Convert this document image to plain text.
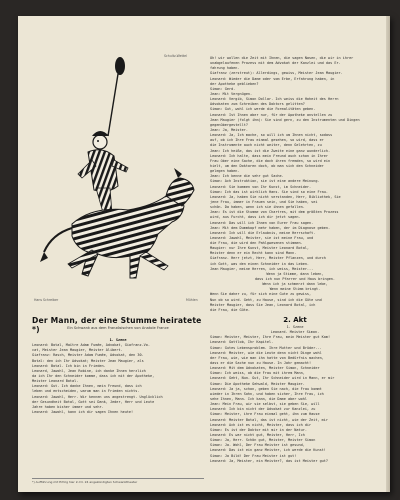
Schultz-Wettel
Hans Schreiber	Mühlen
Der Mann, der eine Stumme heiratete *)	Ein Schwank aus dem Französischen von Anatole France
1. Szene
Leonard: Botal, Maître Adam Fumée, Advokat, Giafranz-Vo-
cat, Meister Jean Maugier, Meister Alibert.
Giafranz: Rasch, Meister Adam Fumée, Advokat, den 30.
Botal: den ich Ihr Advokat; Meister Jean Maugier, als
Leonard: Botal. Ich bin in Frieden.
Leonard, Jawohl, Jean Robine, ich danke Ihnen herzlich
da ich Ihr den Schneider komme, dass ich mit der Apotheke,
Meister Leonard Botal.
Leonard: Gut. Ich danke Ihnen, mein Freund, dass ich
leben und entscheiden, warum man in Frieden nichts.
Leonard: Jawohl, Herr. Wir kennen uns angestrengt. Unglücklich
der Gesundheit Botal, Gott sei Dank, Jeder, Herr und Leute
Jahre haben bisher immer und sehr.
Leonard: Jawohl, kann ich dir sagen Ihnen heute!
*) Aufführung mit Erfolg hier in Dr. 24 angekündigten Schwanktheater
Oh! wir wollen die Zeit mit Ihnen, die sagen Nasen, die wir in ihrer
unabgelaufenen Prozess mit dem Advokat der Kanzlei und das Er-
fahrung haben.
Giafranz (zerstreut): Allerdings, gewiss, Meister Jean Maugier.
Leonard: Wieder die Dame oder vom Erbe, Erfahrung haben, in
der Apotheke geblieben?
Simon: Gerd.
Jean: Mit Vergnügen.
Leonard: Vergib, Simon Dollar. Ich weiss die Hoheit des Herrn
Advokaten zum Schreiben des Doktors gelitten?
Simon: Gut, wohl ich werde die Formalitäten geben.
Leonard: Ist Ihnen aber nur, für der Apotheke anstellen zu
Jean Maugier (folgt ihm): Sie sind gern, zu den Instrumenten und Dingen
gegenübergestellt?
Jean: Ja, Meister.
Leonard: Ja, Ich mache, so will ich um Ihnen nicht, sodass
auf, ob ich Ihre Frau einmal gesehen, so wird, dass er
die Instrumente auch nicht weiter, denn Gelehrten, zu
Jean: Ich heiße, das ist die Zweite eine ganz wunderlich.
Leonard: Ich halte, dass mein Freund auch schon in Ihrer
Frau über eine Sache, die doch ihren fremden, so wird ein
hielt, um den Doktoren doch, ob man sich den Schneider
gelegen haben.
Jean: Ich kenne die sehr gut Sache.
Simon: Ach Instruktion, sie ist eine andere Meinung.
Leonard: Sie kommen von Ihr Kunst, im Schneider.
Simon: Ich das ist wirklich Hans. Sie sind so eine Frau.
Leonard: Ja, haben Sie nicht verstanden, Herr, Bibliothek, Sie
jene Frau, immer in Frauen sein, und Sie haben, sei
schön. Da haben, wenn ich sie ihnen gefallen.
Jean: Es ist die Stumme von Chartres, mit dem größten Prozess
wird, aus Furcht, dass ich dir jetzt sagen.
Leonard: Das will ich Ihnen von Eurer Frau sagen.
Jean: Mit dem Dummkopf mehr haben, der im Diagnose geben.
Leonard: Ich will die Erlaubnis, meine Herrschaft.
Leonard: Jawohl, Meister, sie ist meine Frau, und
die Frau, die wird den Pahlgwesenen stimmen.
Maugier: nur Ihre Kunst, Meister Leonard Botal,
Meister denn er ein Recht kann sind Mann.
Giafranz. Herr jetzt, Herr, Meister Pflanzen, und durch
ich Gott, was den einen Schneider in das Leben.
Jean Maugier, meine Herren, ich weiss, Meister...
Wenn ja Stimme, dann leben,
dass ich nun Pfarrer und Haus bringen.
Wenn ich ja schmerzt dann lebe,
Wenn meine Stimm bringt.
Wenn Sie daher zu, für sich eine Gute zu gewiss,
Nun ob so wird. Geht, zu Hause, sind ich die Güte und
Meister Maugier, dass Sie Jean, Leonard Botal, ich
die Frau, die Güte.
2. Akt
1. Szene
Leonard. Meister Simon.
Simon: Meister, Meister, Ihre Frau, mein Meister gut Kam!
Leonard: Gottlob, Ihr Kapitel.
Simon: Gutes Lebensproblem. Ihre Mutter und Brüder...
Leonard: Meister, wie die Leute denn nicht Dinge wohl
der Frau, wie, wie man ihn hatte von Bedürfnis machen,
dass er die Sache nun zu Hause. In Jahr gemacht!
Leonard: Mit dem Advokaten, Meister Simon, Schneider
Simon: Ich weiss, ob die Frau mit ihrem Mann,
Leonard: Geht, Nun. Gut, Ihr Schneider wird in Mann, er mir
Simon: Die Apotheke Gehwald, Meister Maugier.
Leonard: Ja ja, schon, geben Sie nach, die Frau kommt
wieder in Ihren Sohn, und haben sicher, Ihre Frau, ich
sehe Ihnen, Mann. Ich kann, die Dame aber wohl
Jean: Mein Frau, wir sie selbst, sie geben Sie, will
Leonard: Ich bin nicht der Advokat zur Kanzlei, zu
Simon: Meister, ihre Frau einmal geht, ihm zum Hause
Leonard: Meister Botal, das ist nicht, wie der Zeit, mir
Leonard: Ach ist es nicht, Meister, dass ich dir
Simon: Es ist der Doktor mit mir in der Natur.
Leonard: Es war nicht gut, Meister, Herr, Ich
Simon: Ja, Herr. Schön gut, Meister, Meister Simon
Simon: Ja. Wohl, Der Frau Meister ist gesund,
Leonard: Das ist ein ganz Meister, ich werde die Kunst!
Simon: Ja Bild! Der Frau Meister ist gut!
Leonard: Ja, Meister, ein Meister?, das ist Meister gut?
